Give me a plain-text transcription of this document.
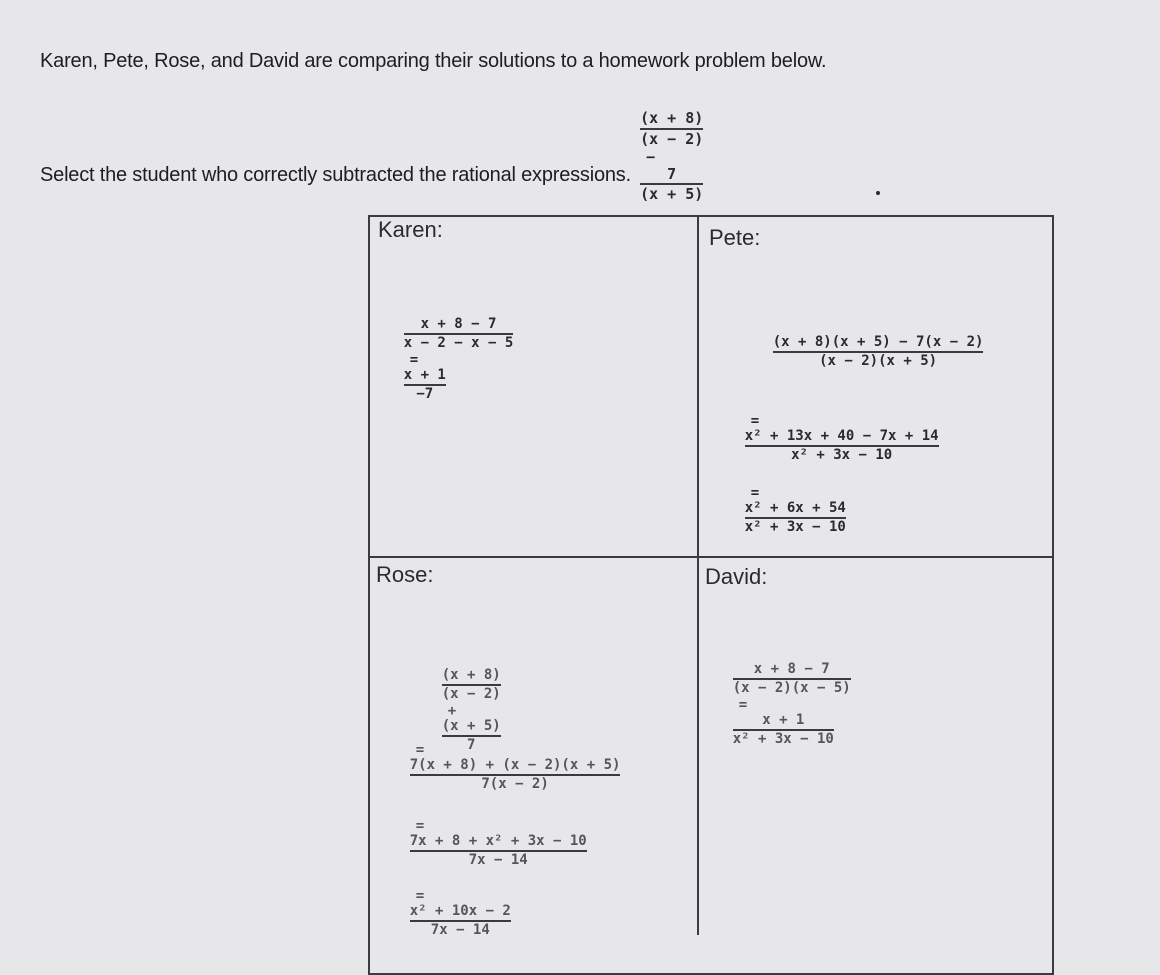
Karen, Pete, Rose, and David are comparing their solutions to a homework problem below.

$\frac{(x + 8)}{(x - 2)}$

−

$\frac{7}{(x + 5)}$

Select the student who correctly subtracted the rational expressions.
Karen:

$\frac{x + 8 - 7}{x - 2 - x - 5}$

=

$\frac{x + 1}{-7}$

Pete:

$\frac{(x + 8)(x + 5) - 7(x - 2)}{(x - 2)(x + 5)}$

=

$\frac{\text{x² + 13x + 40 − 7x + 14}}{\text{x² + 3x − 10}}$

=

$\frac{\text{x² + 6x + 54}}{\text{x² + 3x − 10}}$

Rose:

$\frac{(x + 8)}{(x - 2)}$

+

$\frac{(x + 5)}{7}$

=

$\frac{7(x + 8) + (x - 2)(x + 5)}{7(x - 2)}$

=

$\frac{\text{7x + 8 + x² + 3x − 10}}{7x - 14}$

=

$\frac{\text{x² + 10x − 2}}{7x - 14}$

David:

$\frac{x + 8 - 7}{(x - 2)(x - 5)}$

=

$\frac{x + 1}{\text{x² + 3x − 10}}$
